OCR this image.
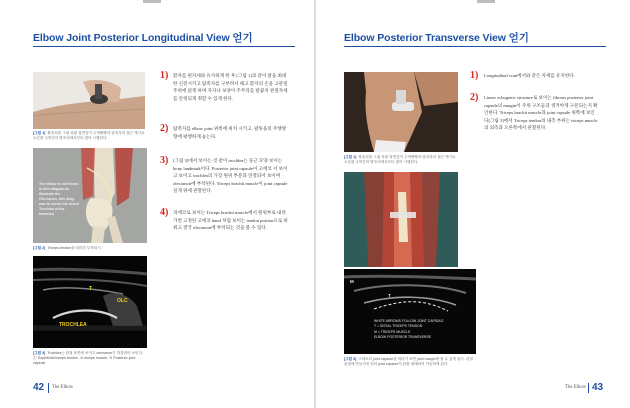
Elbow Joint Posterior Longitudinal View 얻기
[그림 1] 팔꿈치를 그림 처럼 정면같이 주먹팔빵과 탐촉자의 접근 게시로 오른편 주막간의 발꼬리에서부터 찾아 시행한다.
The elbow is not flexed in this diagram to illustrate the Olecranon, this diag- ram to reveal the round Trochlea of the humerus
[그림 2] Triceps tendon을 따라간 부착되시.
T
OLC
TROCHLEA
[그림 3] Trochlea는 관절 표면에 보이고 olecranon은 하경되어 보인다. ① Superficial triceps tendon, ② triceps muscle, ③ Posterior joint capsule
1) 환자를 편자세와 유사하게 한 후 [그림 1]과 같이 팔을 최대한 신전시키고 탐촉자를 구부려서 떼고 환자의 손을 고관절 주위에 얹게 하며 자자나 보양이 주무리를 팔꿈치 관절자세를 안정되게 취할 수 있게 한다.
2) 탐촉자를 elbow joint 위쪽에 위치 시키고, 팔뚝을의 주행방향에 평행하게 놓는다.
3) [그림 3]에서 보이는 것 같이 trochlea는 둥근 모양 보이는 bony landmark이다. Posterior joint capsule이 고에코 서 보이고 보이고 trochlea의 가장 원위 부분과 연결되어 보이며 olecranon에 부착된다. Triceps brachii muscle이 joint capsule 깊게 위에 관찰된다.
4) 피에코로 보이는 Triceps brachii muscle에서 원위부로 내려가면 고정된 고에코 band 처럼 보이는 tendon portion으로 바뀌고 결국 olecranon에 부착되는 것을 볼 수 있다.
42 The Elbow
Elbow Posterior Transverse View 얻기
[그림 1] 팔꿈치를 그림 처럼 정면같이 주먹팔빵과 탐촉자의 접근 게시로 오른편 주막간의 발꼬리에서부터 찾아 시행한다.
M
T
WHITE ARROWS FOLLOW JOINT CAPSULE
T = DISTAL TRICEPS TENDON
M = TRICEPS MUSCLE
ELBOW POSTERIOR TRANSVERSE
[그림 3] 고에코의 joint capsule을 따라가 보면 joint margin에 볼 수 있게 된다. 관절 관절에 만들어진 얻의 joint capsule이 관찰 형태되어 이동하게 된다.
1) Longitudinal scan에서와 같은 자세를 유지한다.
2) Linear echogenic structure로 보이는 fibrous posterior joint capsule의 margin이 주위 구조들과 생겨야게 구분되는지 확인한다. Triceps brachii muscle과 joint capsule 위쪽에 보인다[그림 3]에서 Triceps tendon의 내측 부위는 triceps muscle의 외측과 오른쪽에서 관찰된다.
The Elbow 43
